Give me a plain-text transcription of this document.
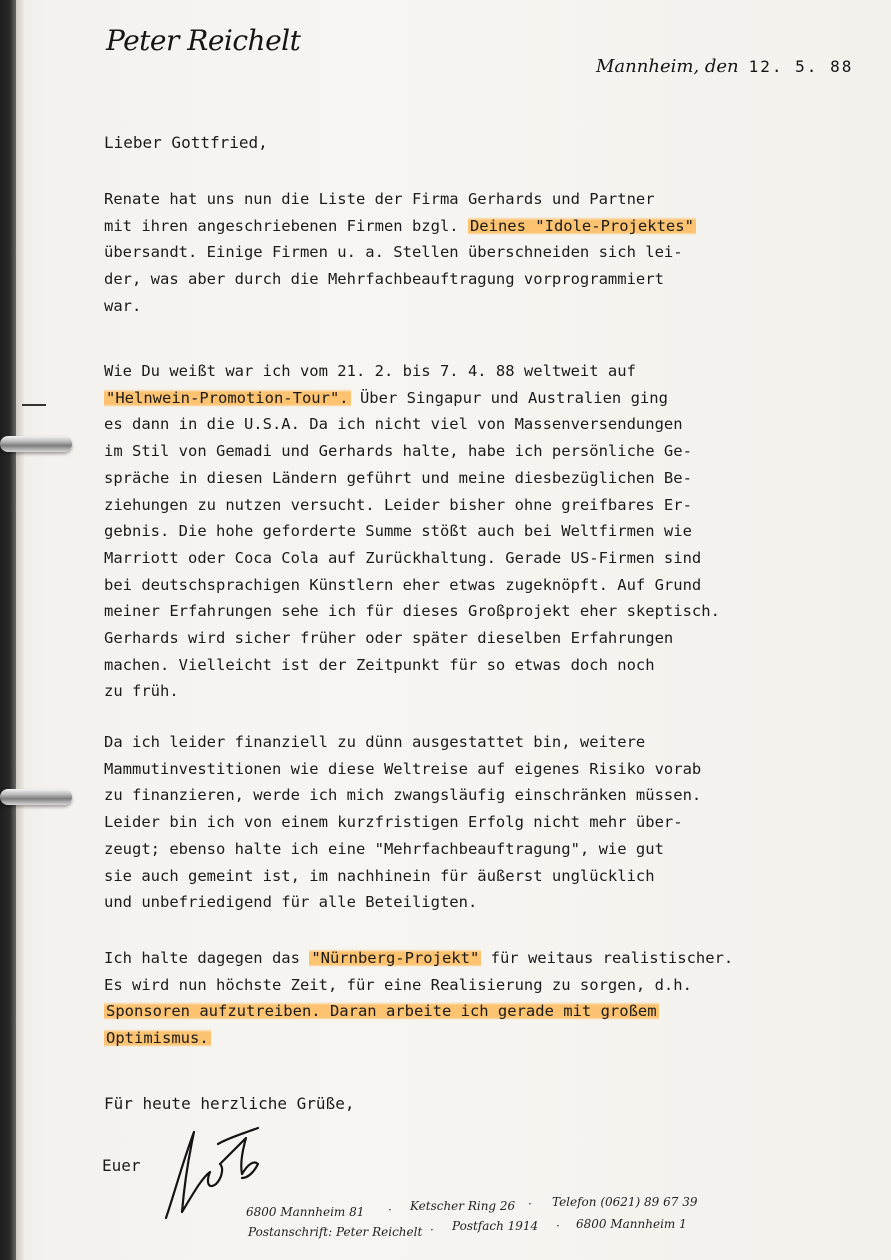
Peter Reichelt
Mannheim, den 12. 5. 88
Lieber Gottfried,
Renate hat uns nun die Liste der Firma Gerhards und Partner
mit ihren angeschriebenen Firmen bzgl. Deines "Idole-Projektes"
übersandt. Einige Firmen u. a. Stellen überschneiden sich lei-
der, was aber durch die Mehrfachbeauftragung vorprogrammiert
war.
Wie Du weißt war ich vom 21. 2. bis 7. 4. 88 weltweit auf
"Helnwein-Promotion-Tour". Über Singapur und Australien ging
es dann in die U.S.A. Da ich nicht viel von Massenversendungen
im Stil von Gemadi und Gerhards halte, habe ich persönliche Ge-
spräche in diesen Ländern geführt und meine diesbezüglichen Be-
ziehungen zu nutzen versucht. Leider bisher ohne greifbares Er-
gebnis. Die hohe geforderte Summe stößt auch bei Weltfirmen wie
Marriott oder Coca Cola auf Zurückhaltung. Gerade US-Firmen sind
bei deutschsprachigen Künstlern eher etwas zugeknöpft. Auf Grund
meiner Erfahrungen sehe ich für dieses Großprojekt eher skeptisch.
Gerhards wird sicher früher oder später dieselben Erfahrungen
machen. Vielleicht ist der Zeitpunkt für so etwas doch noch
zu früh.
Da ich leider finanziell zu dünn ausgestattet bin, weitere
Mammutinvestitionen wie diese Weltreise auf eigenes Risiko vorab
zu finanzieren, werde ich mich zwangsläufig einschränken müssen.
Leider bin ich von einem kurzfristigen Erfolg nicht mehr über-
zeugt; ebenso halte ich eine "Mehrfachbeauftragung", wie gut
sie auch gemeint ist, im nachhinein für äußerst unglücklich
und unbefriedigend für alle Beteiligten.
Ich halte dagegen das "Nürnberg-Projekt" für weitaus realistischer.
Es wird nun höchste Zeit, für eine Realisierung zu sorgen, d.h.
Sponsoren aufzutreiben. Daran arbeite ich gerade mit großem
Optimismus.
Für heute herzliche Grüße,
Euer
6800 Mannheim 81 · Ketscher Ring 26 · Telefon (0621) 89 67 39
Postanschrift: Peter Reichelt · Postfach 1914 · 6800 Mannheim 1
